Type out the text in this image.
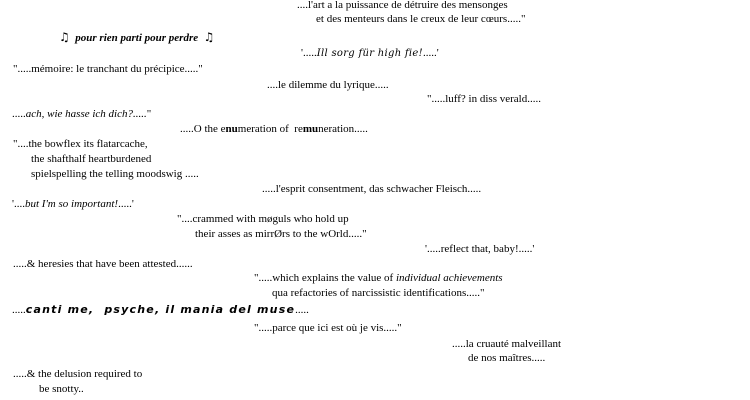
....l'art a la puissance de détruire des mensonges
et des menteurs dans le creux de leur cœurs....."
♫ pour rien parti pour perdre ♫
'.....Ill sorg für high fie!.....'
".....mémoire: le tranchant du précipice....."
....le dilemme du lyrique.....
".....luff? in diss verald.....
.....ach, wie hasse ich dich?....."
.....O the enumeration of  remuneration.....
"....the bowflex its flatarcache,
the shafthalf heartburdened
spielspelling the telling moodswig .....
.....l'esprit consentment, das schwacher Fleisch.....
'....but I'm so important!.....'
"....crammed with møguls who hold up
their asses as mirrØrs to the wOrld....."
'.....reflect that, baby!.....'
.....& heresies that have been attested......
".....which explains the value of individual achievements
qua refactories of narcissistic identifications....."
.....canti me,  psyche, il mania del muse.....
".....parce que ici est où je vis....."
.....la cruauté malveillant
de nos maîtres.....
.....& the delusion required to
be snotty..
